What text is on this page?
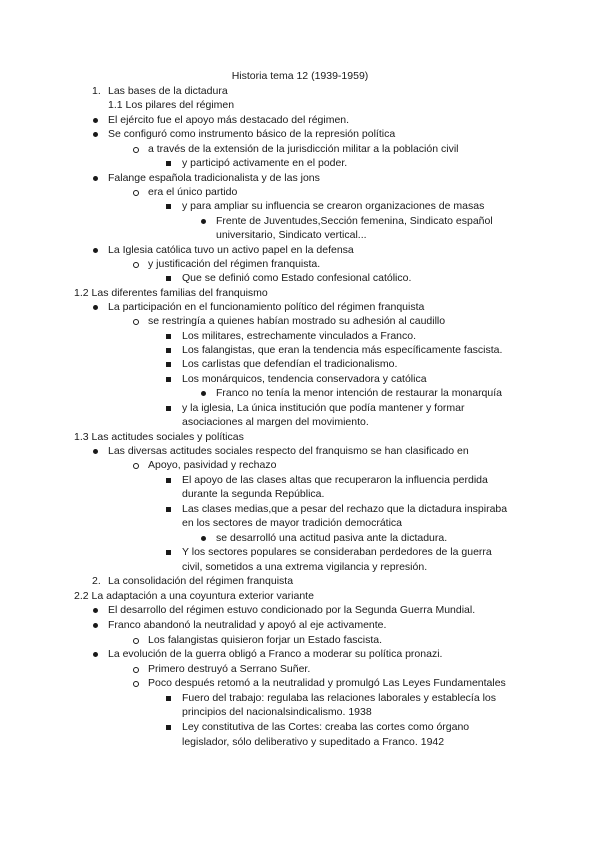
Historia tema 12 (1939-1959)
Las bases de la dictadura
1.
1.1 Los pilares del régimen
El ejército fue el apoyo más destacado del régimen.
Se configuró como instrumento básico de la represión política
a través de la extensión de la jurisdicción militar a la población civil
y participó activamente en el poder.
Falange española tradicionalista y de las jons
era el único partido
y para ampliar su influencia se crearon organizaciones de masas
Frente de Juventudes,Sección femenina, Sindicato español
universitario, Sindicato vertical...
La Iglesia católica tuvo un activo papel en la defensa
y justificación del régimen franquista.
Que se definió como Estado confesional católico.
1.2 Las diferentes familias del franquismo
La participación en el funcionamiento político del régimen franquista
se restringía a quienes habían mostrado su adhesión al caudillo
Los militares, estrechamente vinculados a Franco.
Los falangistas, que eran la tendencia más específicamente fascista.
Los carlistas que defendían el tradicionalismo.
Los monárquicos, tendencia conservadora y católica
Franco no tenía la menor intención de restaurar la monarquía
y la iglesia, La única institución que podía mantener y formar
asociaciones al margen del movimiento.
1.3 Las actitudes sociales y políticas
Las diversas actitudes sociales respecto del franquismo se han clasificado en
Apoyo, pasividad y rechazo
El apoyo de las clases altas que recuperaron la influencia perdida
durante la segunda República.
Las clases medias,que a pesar del rechazo que la dictadura inspiraba
en los sectores de mayor tradición democrática
se desarrolló una actitud pasiva ante la dictadura.
Y los sectores populares se consideraban perdedores de la guerra
civil, sometidos a una extrema vigilancia y represión.
La consolidación del régimen franquista
2.
2.2 La adaptación a una coyuntura exterior variante
El desarrollo del régimen estuvo condicionado por la Segunda Guerra Mundial.
Franco abandonó la neutralidad y apoyó al eje activamente.
Los falangistas quisieron forjar un Estado fascista.
La evolución de la guerra obligó a Franco a moderar su política pronazi.
Primero destruyó a Serrano Suñer.
Poco después retomó a la neutralidad y promulgó Las Leyes Fundamentales
Fuero del trabajo: regulaba las relaciones laborales y establecía los
principios del nacionalsindicalismo. 1938
Ley constitutiva de las Cortes: creaba las cortes como órgano
legislador, sólo deliberativo y supeditado a Franco. 1942
